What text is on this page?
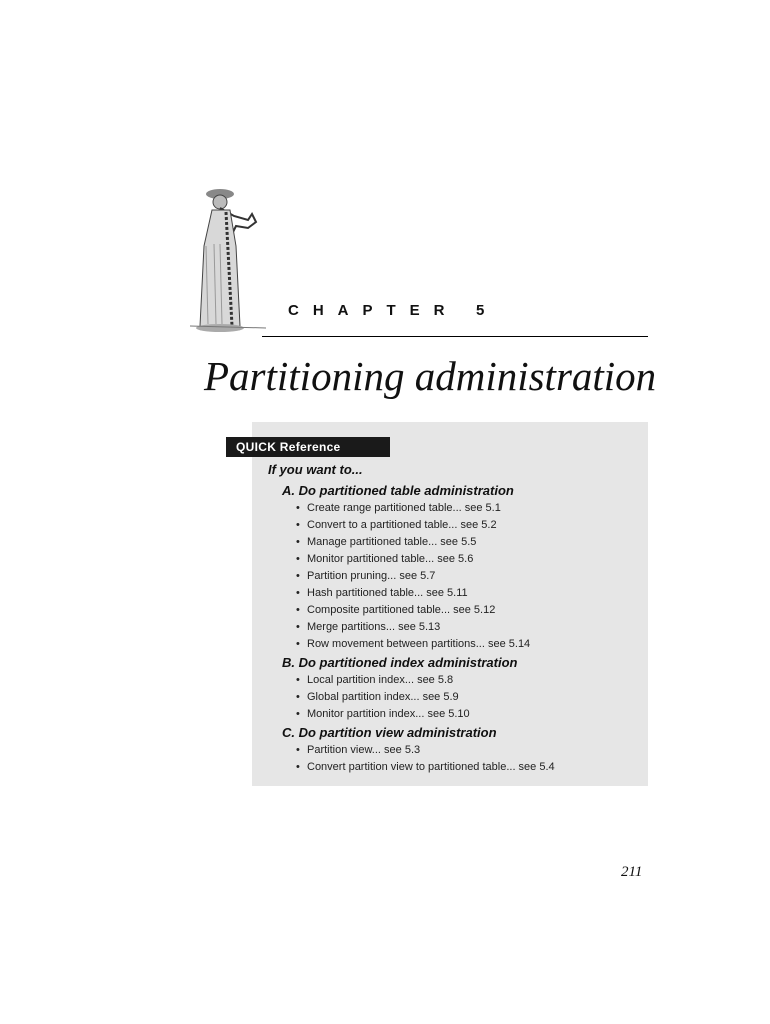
CHAPTER 5
Partitioning administration
QUICK Reference
If you want to...
A. Do partitioned table administration
• Create range partitioned table... see 5.1
• Convert to a partitioned table... see 5.2
• Manage partitioned table... see 5.5
• Monitor partitioned table... see 5.6
• Partition pruning... see 5.7
• Hash partitioned table... see 5.11
• Composite partitioned table... see 5.12
• Merge partitions... see 5.13
• Row movement between partitions... see 5.14
B. Do partitioned index administration
• Local partition index... see 5.8
• Global partition index... see 5.9
• Monitor partition index... see 5.10
C. Do partition view administration
• Partition view... see 5.3
• Convert partition view to partitioned table... see 5.4
211
